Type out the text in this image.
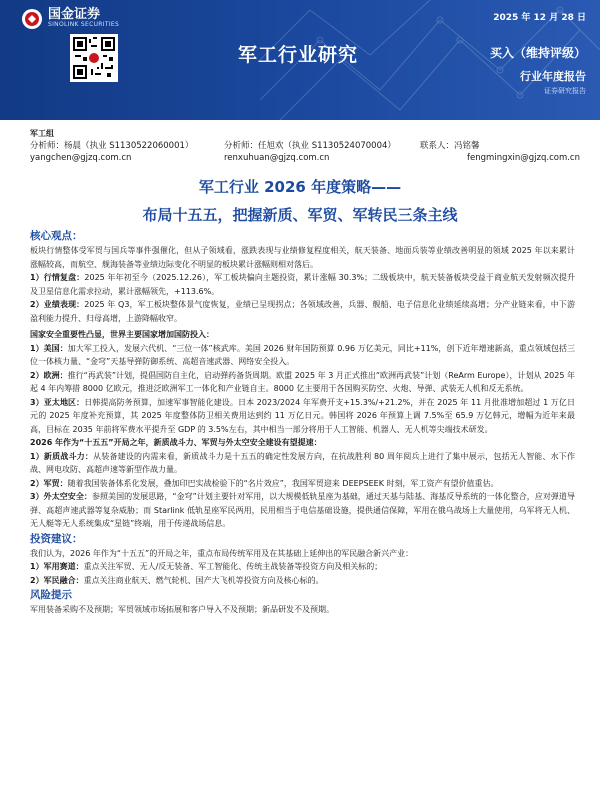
国金证券
SINOLINK SECURITIES
2025 年 12 月 28 日
军工行业研究	买入（维持评级）
行业年度报告
证券研究报告
军工组
分析师：杨晨（执业 S1130522060001）	分析师：任旭欢（执业 S1130524070004）	联系人：冯铭馨
yangchen@gjzq.com.cn	renxuhuan@gjzq.com.cn	fengmingxin@gjzq.com.cn
军工行业 2026 年度策略——
布局十五五，把握新质、军贸、军转民三条主线
核心观点：

板块行情整体受军贸与国兵等事件强催化，但从子领域看，涨跌表现与业绩修复程度相关，航天装备、地面兵装等业绩改善明显的领域 2025 年以来累计涨幅较高，而航空、舰海装备等业绩边际变化不明显的板块累计涨幅则相对落后。

1）行情复盘：2025 年年初至今（2025.12.26），军工板块偏向主题投资，累计涨幅 30.3%；二级板块中，航天装备板块受益于商业航天发射频次提升及卫星信息化需求拉动，累计涨幅领先，+113.6%。

2）业绩表现：2025 年 Q3，军工板块整体景气度恢复，业绩已呈现拐点；各领域改善，兵器、舰船、电子信息化业绩延续高增；分产业链来看，中下游盈利能力提升、归母高增，上游降幅收窄。

国家安全重要性凸显，世界主要国家增加国防投入：

1）美国：加大军工投入，发展六代机、“三位一体”核武库。美国 2026 财年国防预算 0.96 万亿美元，同比+11%，创下近年增速新高，重点领域包括三位一体核力量、“金穹”天基导弹防御系统、高超音速武器、网络安全投入。

2）欧洲：推行“再武装”计划，提倡国防自主化，启动弹药备货周期。欧盟 2025 年 3 月正式推出“欧洲再武装”计划（ReArm Europe），计划从 2025 年起 4 年内筹措 8000 亿欧元，推进泛欧洲军工一体化和产业链自主。8000 亿主要用于各国购买防空、火炮、导弹、武装无人机和反无系统。

3）亚太地区：日韩提高防务预算，加速军事智能化建设。日本 2023/2024 年军费开支+15.3%/+21.2%，并在 2025 年 11 月批准增加超过 1 万亿日元的 2025 年度补充预算，其 2025 年度整体防卫相关费用达到约 11 万亿日元。韩国将 2026 年预算上调 7.5%至 65.9 万亿韩元，增幅为近年来最高，目标在 2035 年前将军费水平提升至 GDP 的 3.5%左右，其中相当一部分将用于人工智能、机器人、无人机等尖端技术研发。

2026 年作为“十五五”开局之年，新质战斗力、军贸与外太空安全建设有望提速：

1）新质战斗力：从装备建设的内需来看，新质战斗力是十五五的确定性发展方向，在抗战胜利 80 周年阅兵上进行了集中展示，包括无人智能、水下作战、网电攻防、高超声速等新型作战力量。

2）军贸：随着我国装备体系化发展，叠加印巴实战检验下的“名片效应”，我国军贸迎来 DEEPSEEK 时刻，军工资产有望价值重估。

3）外太空安全：参照美国的发展思路，“金穹”计划主要针对军用，以大规模低轨星座为基础，通过天基与陆基、海基反导系统的一体化整合，应对弹道导弹、高超声速武器等复杂威胁；而 Starlink 低轨星座军民两用，民用相当于电信基础设施，提供通信保障，军用在俄乌战场上大量使用，乌军将无人机、无人艇等无人系统集成“星链”终端，用于传递战场信息。

投资建议：

我们认为，2026 年作为“十五五”的开局之年，重点布局传统军用及在其基础上延伸出的军民融合新兴产业：

1）军用赛道：重点关注军贸、无人/反无装备、军工智能化、传统主战装备等投资方向及相关标的；

2）军民融合：重点关注商业航天、燃气轮机、国产大飞机等投资方向及核心标的。

风险提示

军用装备采购不及预期；军贸领域市场拓展和客户导入不及预期；新品研发不及预期。
